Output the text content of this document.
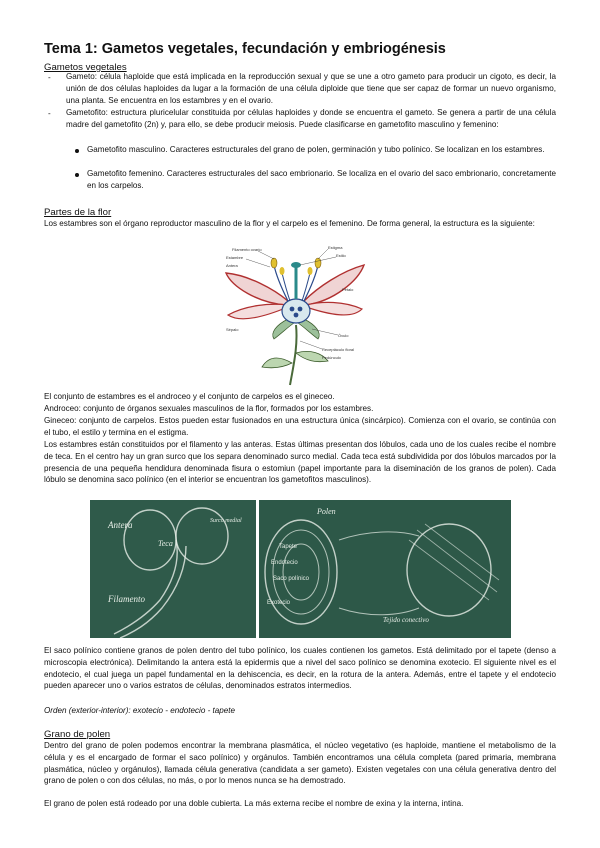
Tema 1: Gametos vegetales, fecundación y embriogénesis
Gametos vegetales
- Gameto: célula haploide que está implicada en la reproducción sexual y que se une a otro gameto para producir un cigoto, es decir, la unión de dos células haploides da lugar a la formación de una célula diploide que tiene que ser capaz de formar un nuevo organismo, una planta. Se encuentra en los estambres y en el ovario.
- Gametofito: estructura pluricelular constituida por células haploides y donde se encuentra el gameto. Se genera a partir de una célula madre del gametofito (2n) y, para ello, se debe producir meiosis. Puede clasificarse en gametofito masculino y femenino:
Gametofito masculino. Caracteres estructurales del grano de polen, germinación y tubo polínico. Se localizan en los estambres.
Gametofito femenino. Caracteres estructurales del saco embrionario. Se localiza en el ovario del saco embrionario, concretamente en los carpelos.
Partes de la flor
Los estambres son el órgano reproductor masculino de la flor y el carpelo es el femenino. De forma general, la estructura es la siguiente:
Filamento ovario
Estambre
Antera
Estigma
Estilo
Pétalo
Sépalo
Óvulo
Receptáculo floral
Pedúnculo
El conjunto de estambres es el androceo y el conjunto de carpelos es el gineceo.
Androceo: conjunto de órganos sexuales masculinos de la flor, formados por los estambres.
Gineceo: conjunto de carpelos. Estos pueden estar fusionados en una estructura única (sincárpico). Comienza con el ovario, se continúa con el tubo, el estilo y termina en el estigma.
Los estambres están constituidos por el filamento y las anteras. Estas últimas presentan dos lóbulos, cada uno de los cuales recibe el nombre de teca. En el centro hay un gran surco que los separa denominado surco medial. Cada teca está subdividida por dos lóbulos marcados por la presencia de una pequeña hendidura denominada fisura o estomiun (papel importante para la diseminación de los granos de polen). Cada lóbulo se denomina saco polínico (en el interior se encuentran los gametofitos masculinos).
Antera
Teca
Surco medial
Filamento
Polen
Tapete
Endotecio
Saco polínico
Exotecio
Tejido conectivo
El saco polínico contiene granos de polen dentro del tubo polínico, los cuales contienen los gametos. Está delimitado por el tapete (denso a microscopia electrónica). Delimitando la antera está la epidermis que a nivel del saco polínico se denomina exotecio. El siguiente nivel es el endotecio, el cual juega un papel fundamental en la dehiscencia, es decir, en la rotura de la antera. Además, entre el tapete y el endotecio pueden aparecer uno o varios estratos de células, denominados estratos intermedios.
Orden (exterior-interior): exotecio - endotecio - tapete
Grano de polen
Dentro del grano de polen podemos encontrar la membrana plasmática, el núcleo vegetativo (es haploide, mantiene el metabolismo de la célula y es el encargado de formar el saco polínico) y orgánulos. También encontramos una célula completa (pared primaria, membrana plasmática, núcleo y orgánulos), llamada célula generativa (candidata a ser gameto). Existen vegetales con una célula generativa dentro del grano de polen o con dos células, no más, o por lo menos nunca se ha demostrado.
El grano de polen está rodeado por una doble cubierta. La más externa recibe el nombre de exina y la interna, intina.
